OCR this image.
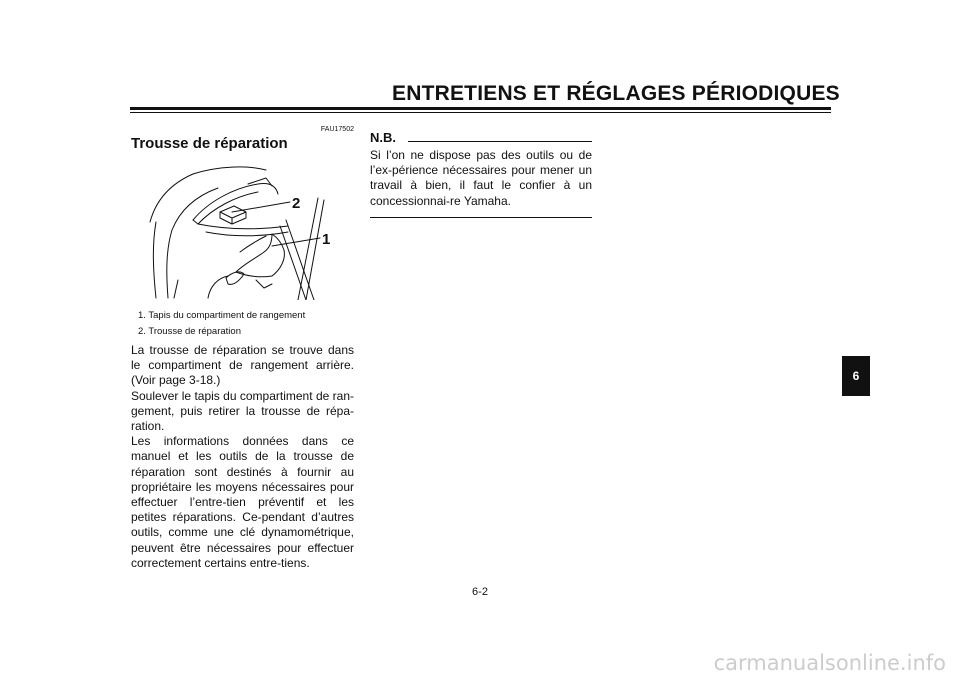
ENTRETIENS ET RÉGLAGES PÉRIODIQUES
FAU17502
Trousse de réparation
2
1
1. Tapis du compartiment de rangement
2. Trousse de réparation

La trousse de réparation se trouve dans le compartiment de rangement arrière. (Voir page 3-18.)

Soulever le tapis du compartiment de ran-gement, puis retirer la trousse de répa-ration.

Les informations données dans ce manuel et les outils de la trousse de réparation sont destinés à fournir au propriétaire les moyens nécessaires pour effectuer l’entre-tien préventif et les petites réparations. Ce-pendant d’autres outils, comme une clé dynamométrique, peuvent être nécessaires pour effectuer correctement certains entre-tiens.

N.B.
Si l’on ne dispose pas des outils ou de l’ex-périence nécessaires pour mener un travail à bien, il faut le confier à un concessionnai-re Yamaha.
6
6-2
carmanualsonline.info
